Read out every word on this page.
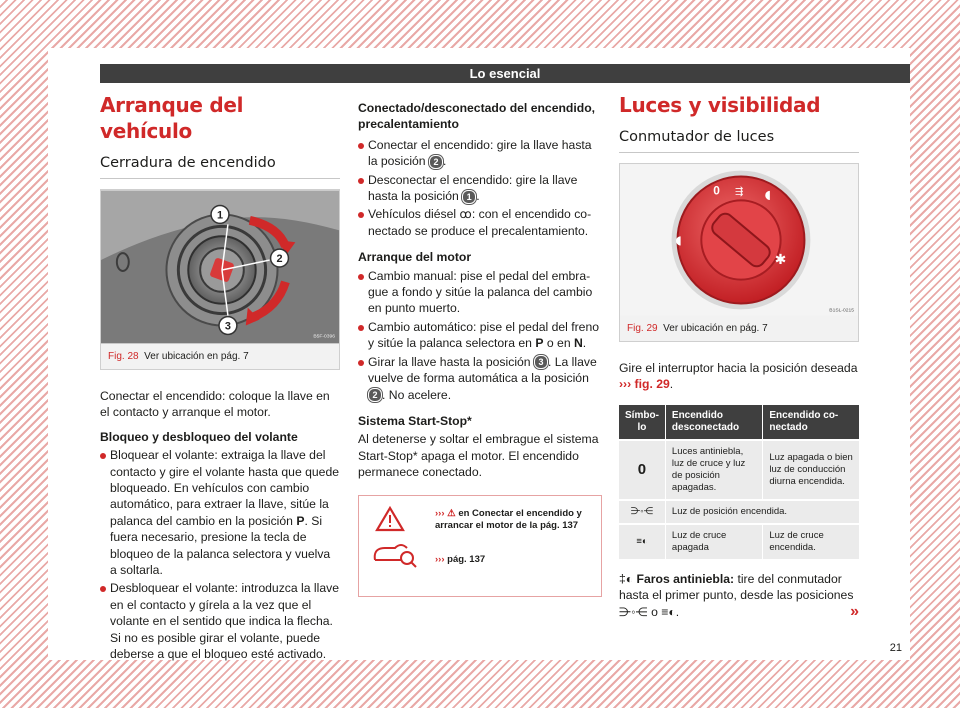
Lo esencial
Arranque del vehículo
Cerradura de encendido
1
2
3
B5F-0396
Fig. 28 Ver ubicación en pág. 7

Conectar el encendido: coloque la llave en el contacto y arranque el motor.

Bloqueo y desbloqueo del volante

Bloquear el volante: extraiga la llave del contacto y gire el volante hasta que quede bloqueado. En vehículos con cambio automático, para extraer la llave, sitúe la palanca del cambio en la posición P. Si fuera necesario, presione la tecla de bloqueo de la palanca selectora y vuelva a soltarla.

Desbloquear el volante: introduzca la llave en el contacto y gírela a la vez que el volante en el sentido que indica la flecha. Si no es posible girar el volante, puede deberse a que el bloqueo esté activado.

Conectado/desconectado del encendido, precalentamiento

Conectar el encendido: gire la llave hasta la posición 2 .

Desconectar el encendido: gire la llave hasta la posición 1 .

Vehículos diésel ꝏ: con el encendido conectado se produce el precalentamiento.

Arranque del motor

Cambio manual: pise el pedal del embrague a fondo y sitúe la palanca del cambio en punto muerto.

Cambio automático: pise el pedal del freno y sitúe la palanca selectora en P o en N.

Girar la llave hasta la posición 3 . La llave vuelve de forma automática a la posición 2 . No acelere.

Sistema Start-Stop*

Al detenerse y soltar el embrague el sistema Start-Stop* apaga el motor. El encendido permanece conectado.

››› ⚠ en Conectar el encendido y arrancar el motor de la pág. 137
››› pág. 137
Luces y visibilidad
Conmutador de luces
0 ⇶ ◖
◖
✱
B1SL-0215
Fig. 29 Ver ubicación en pág. 7

Gire el interruptor hacia la posición deseada ››› fig. 29.

Símbolo	Encendido desconectado	Encendido conectado
0	Luces antiniebla, luz de cruce y luz de posición apagadas.	Luz apagada o bien luz de conducción diurna encendida.
⋺◦⋲	Luz de posición encendida.	
≡◐	Luz de cruce apagada	Luz de cruce encendida.

‡◐ Faros antiniebla: tire del conmutador hasta el primer punto, desde las posiciones ⋺◦⋲ o ≡◐.	»

21
